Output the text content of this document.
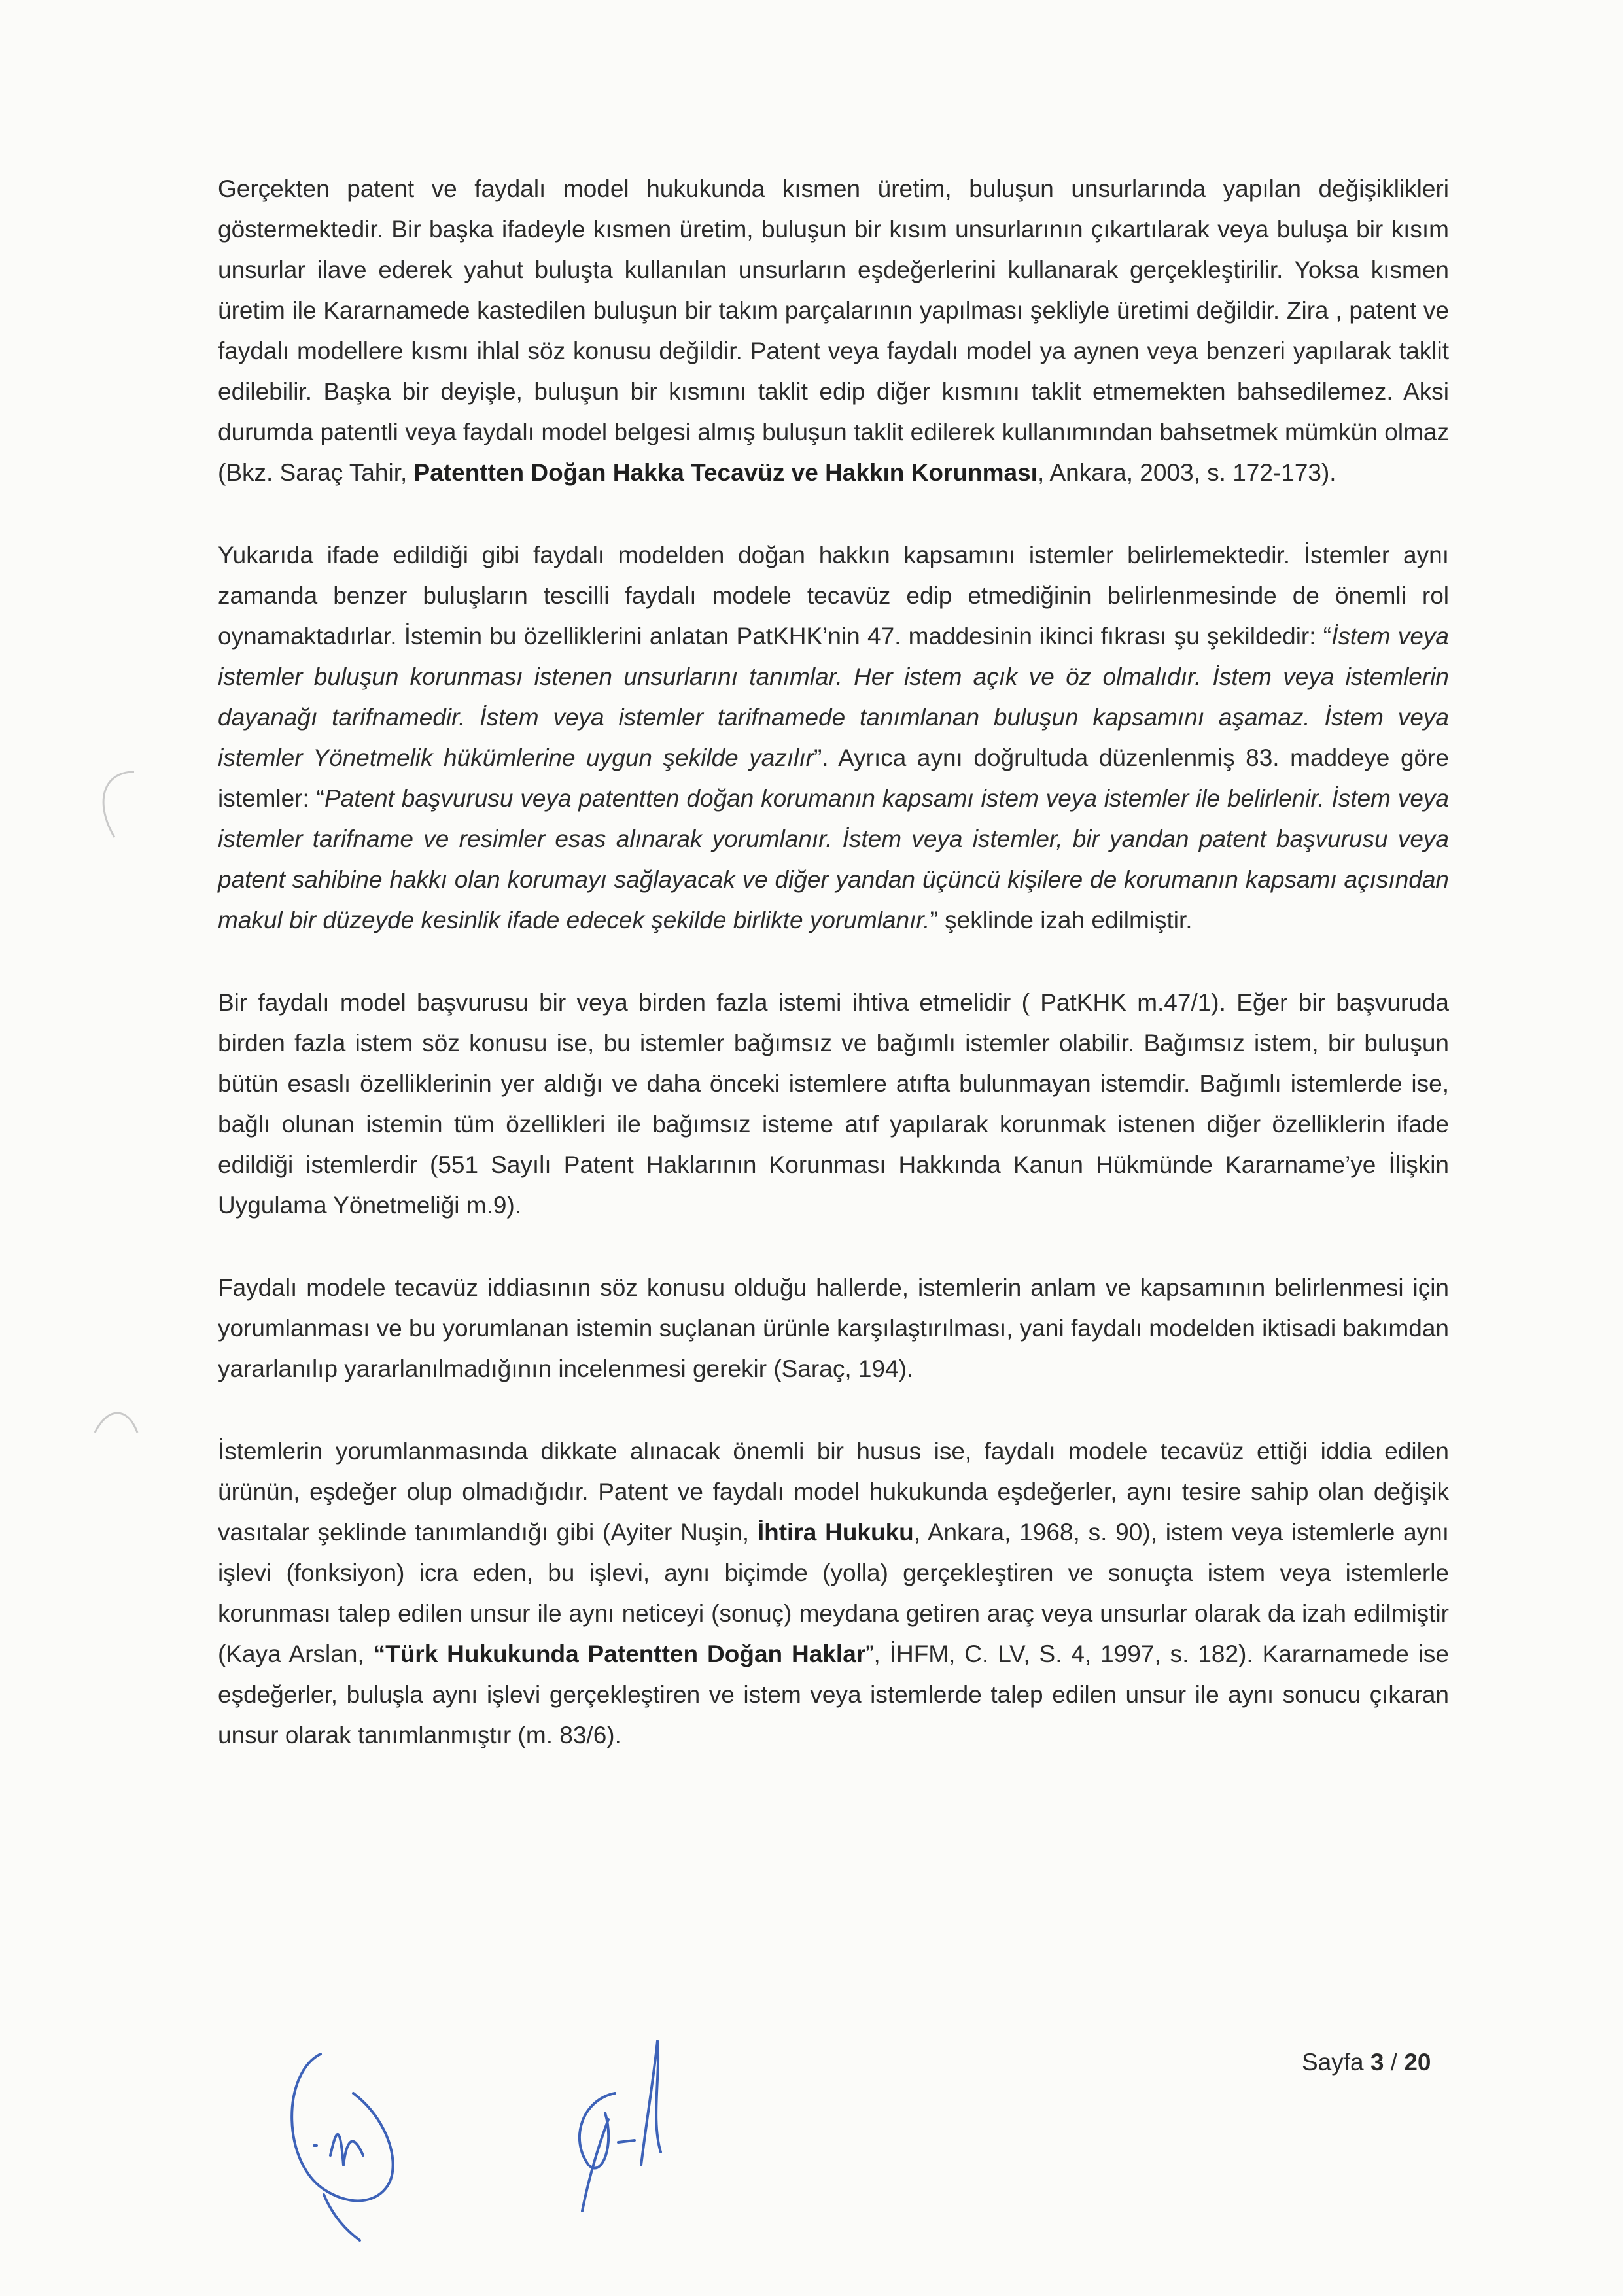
Gerçekten patent ve faydalı model hukukunda kısmen üretim, buluşun unsurlarında yapılan değişiklikleri göstermektedir. Bir başka ifadeyle kısmen üretim, buluşun bir kısım unsurlarının çıkartılarak veya buluşa bir kısım unsurlar ilave ederek yahut buluşta kullanılan unsurların eşdeğerlerini kullanarak gerçekleştirilir. Yoksa kısmen üretim ile Kararnamede kastedilen buluşun bir takım parçalarının yapılması şekliyle üretimi değildir. Zira , patent ve faydalı modellere kısmı ihlal söz konusu değildir. Patent veya faydalı model ya aynen veya benzeri yapılarak taklit edilebilir. Başka bir deyişle, buluşun bir kısmını taklit edip diğer kısmını taklit etmemekten bahsedilemez. Aksi durumda patentli veya faydalı model belgesi almış buluşun taklit edilerek kullanımından bahsetmek mümkün olmaz (Bkz. Saraç Tahir, Patentten Doğan Hakka Tecavüz ve Hakkın Korunması, Ankara, 2003, s. 172-173).

Yukarıda ifade edildiği gibi faydalı modelden doğan hakkın kapsamını istemler belirlemektedir. İstemler aynı zamanda benzer buluşların tescilli faydalı modele tecavüz edip etmediğinin belirlenmesinde de önemli rol oynamaktadırlar. İstemin bu özelliklerini anlatan PatKHK’nin 47. maddesinin ikinci fıkrası şu şekildedir: “İstem veya istemler buluşun korunması istenen unsurlarını tanımlar. Her istem açık ve öz olmalıdır. İstem veya istemlerin dayanağı tarifnamedir. İstem veya istemler tarifnamede tanımlanan buluşun kapsamını aşamaz. İstem veya istemler Yönetmelik hükümlerine uygun şekilde yazılır”. Ayrıca aynı doğrultuda düzenlenmiş 83. maddeye göre istemler: “Patent başvurusu veya patentten doğan korumanın kapsamı istem veya istemler ile belirlenir. İstem veya istemler tarifname ve resimler esas alınarak yorumlanır. İstem veya istemler, bir yandan patent başvurusu veya patent sahibine hakkı olan korumayı sağlayacak ve diğer yandan üçüncü kişilere de korumanın kapsamı açısından makul bir düzeyde kesinlik ifade edecek şekilde birlikte yorumlanır.” şeklinde izah edilmiştir.

Bir faydalı model başvurusu bir veya birden fazla istemi ihtiva etmelidir ( PatKHK m.47/1). Eğer bir başvuruda birden fazla istem söz konusu ise, bu istemler bağımsız ve bağımlı istemler olabilir. Bağımsız istem, bir buluşun bütün esaslı özelliklerinin yer aldığı ve daha önceki istemlere atıfta bulunmayan istemdir. Bağımlı istemlerde ise, bağlı olunan istemin tüm özellikleri ile bağımsız isteme atıf yapılarak korunmak istenen diğer özelliklerin ifade edildiği istemlerdir (551 Sayılı Patent Haklarının Korunması Hakkında Kanun Hükmünde Kararname’ye İlişkin Uygulama Yönetmeliği m.9).

Faydalı modele tecavüz iddiasının söz konusu olduğu hallerde, istemlerin anlam ve kapsamının belirlenmesi için yorumlanması ve bu yorumlanan istemin suçlanan ürünle karşılaştırılması, yani faydalı modelden iktisadi bakımdan yararlanılıp yararlanılmadığının incelenmesi gerekir (Saraç, 194).

İstemlerin yorumlanmasında dikkate alınacak önemli bir husus ise, faydalı modele tecavüz ettiği iddia edilen ürünün, eşdeğer olup olmadığıdır. Patent ve faydalı model hukukunda eşdeğerler, aynı tesire sahip olan değişik vasıtalar şeklinde tanımlandığı gibi (Ayiter Nuşin, İhtira Hukuku, Ankara, 1968, s. 90), istem veya istemlerle aynı işlevi (fonksiyon) icra eden, bu işlevi, aynı biçimde (yolla) gerçekleştiren ve sonuçta istem veya istemlerle korunması talep edilen unsur ile aynı neticeyi (sonuç) meydana getiren araç veya unsurlar olarak da izah edilmiştir (Kaya Arslan, “Türk Hukukunda Patentten Doğan Haklar”, İHFM, C. LV, S. 4, 1997, s. 182). Kararnamede ise eşdeğerler, buluşla aynı işlevi gerçekleştiren ve istem veya istemlerde talep edilen unsur ile aynı sonucu çıkaran unsur olarak tanımlanmıştır (m. 83/6).

Sayfa 3 / 20
